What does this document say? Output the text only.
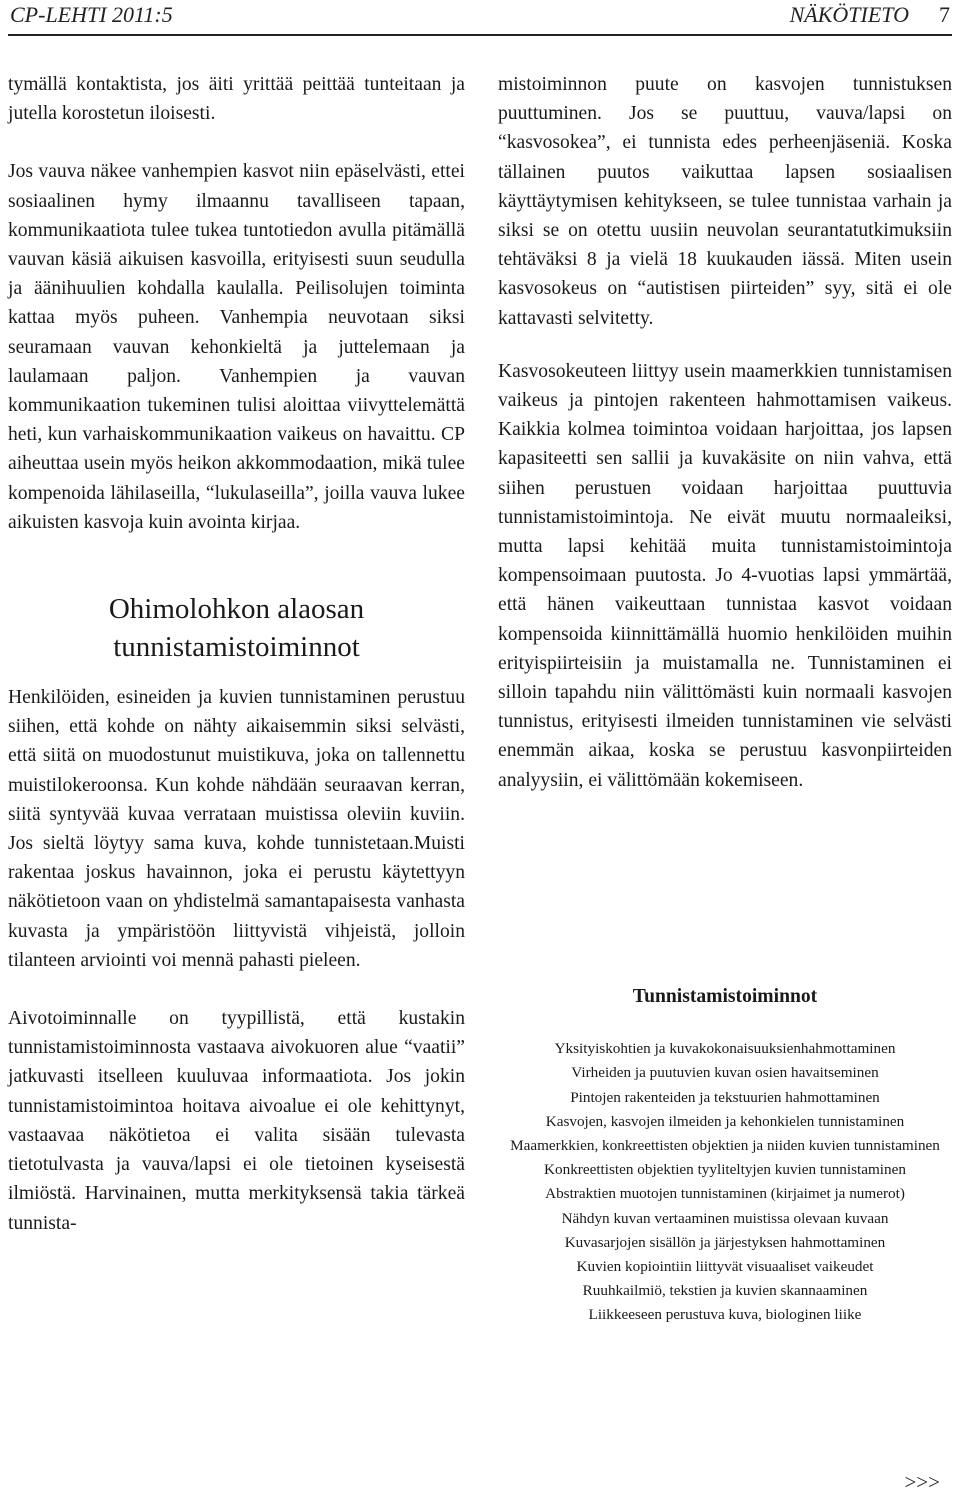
CP-LEHTI 2011:5	NÄKÖTIETO 7

tymällä kontaktista, jos äiti yrittää peittää tunteitaan ja jutella korostetun iloisesti.

Jos vauva näkee vanhempien kasvot niin epäselvästi, ettei sosiaalinen hymy ilmaannu tavalliseen tapaan, kommunikaatiota tulee tukea tuntotiedon avulla pitämällä vauvan käsiä aikuisen kasvoilla, erityisesti suun seudulla ja äänihuulien kohdalla kaulalla. Peilisolujen toiminta kattaa myös puheen. Vanhempia neuvotaan siksi seuramaan vauvan kehonkieltä ja juttelemaan ja laulamaan paljon. Vanhempien ja vauvan kommunikaation tukeminen tulisi aloittaa viivyttelemättä heti, kun varhaiskommunikaation vaikeus on havaittu. CP aiheuttaa usein myös heikon akkommodaation, mikä tulee kompenoida lähilaseilla, “lukulaseilla”, joilla vauva lukee aikuisten kasvoja kuin avointa kirjaa.

Ohimolohkon alaosan tunnistamistoiminnot

Henkilöiden, esineiden ja kuvien tunnistaminen perustuu siihen, että kohde on nähty aikaisemmin siksi selvästi, että siitä on muodostunut muistikuva, joka on tallennettu muistilokeroonsa. Kun kohde nähdään seuraavan kerran, siitä syntyvää kuvaa verrataan muistissa oleviin kuviin. Jos sieltä löytyy sama kuva, kohde tunnistetaan.Muisti rakentaa joskus havainnon, joka ei perustu käytettyyn näkötietoon vaan on yhdistelmä samantapaisesta vanhasta kuvasta ja ympäristöön liittyvistä vihjeistä, jolloin tilanteen arviointi voi mennä pahasti pieleen.

Aivotoiminnalle on tyypillistä, että kustakin tunnistamistoiminnosta vastaava aivokuoren alue “vaatii” jatkuvasti itselleen kuuluvaa informaatiota. Jos jokin tunnistamistoimintoa hoitava aivoalue ei ole kehittynyt, vastaavaa näkötietoa ei valita sisään tulevasta tietotulvasta ja vauva/lapsi ei ole tietoinen kyseisestä ilmiöstä. Harvinainen, mutta merkityksensä takia tärkeä tunnista-

mistoiminnon puute on kasvojen tunnistuksen puuttuminen. Jos se puuttuu, vauva/lapsi on “kasvosokea”, ei tunnista edes perheenjäseniä. Koska tällainen puutos vaikuttaa lapsen sosiaalisen käyttäytymisen kehitykseen, se tulee tunnistaa varhain ja siksi se on otettu uusiin neuvolan seurantatutkimuksiin tehtäväksi 8 ja vielä 18 kuukauden iässä. Miten usein kasvosokeus on “autistisen piirteiden” syy, sitä ei ole kattavasti selvitetty.

Kasvosokeuteen liittyy usein maamerkkien tunnistamisen vaikeus ja pintojen rakenteen hahmottamisen vaikeus. Kaikkia kolmea toimintoa voidaan harjoittaa, jos lapsen kapasiteetti sen sallii ja kuvakäsite on niin vahva, että siihen perustuen voidaan harjoittaa puuttuvia tunnistamistoimintoja. Ne eivät muutu normaaleiksi, mutta lapsi kehitää muita tunnistamistoimintoja kompensoimaan puutosta. Jo 4-vuotias lapsi ymmärtää, että hänen vaikeuttaan tunnistaa kasvot voidaan kompensoida kiinnittämällä huomio henkilöiden muihin erityispiirteisiin ja muistamalla ne. Tunnistaminen ei silloin tapahdu niin välittömästi kuin normaali kasvojen tunnistus, erityisesti ilmeiden tunnistaminen vie selvästi enemmän aikaa, koska se perustuu kasvonpiirteiden analyysiin, ei välittömään kokemiseen.

Tunnistamistoiminnot

Yksityiskohtien ja kuvakokonaisuuksienhahmottaminen

Virheiden ja puutuvien kuvan osien havaitseminen

Pintojen rakenteiden ja tekstuurien hahmottaminen

Kasvojen, kasvojen ilmeiden ja kehonkielen tunnistaminen

Maamerkkien, konkreettisten objektien ja niiden kuvien tunnistaminen

Konkreettisten objektien tyyliteltyjen kuvien tunnistaminen

Abstraktien muotojen tunnistaminen (kirjaimet ja numerot)

Nähdyn kuvan vertaaminen muistissa olevaan kuvaan

Kuvasarjojen sisällön ja järjestyksen hahmottaminen

Kuvien kopiointiin liittyvät visuaaliset vaikeudet

Ruuhkailmiö, tekstien ja kuvien skannaaminen

Liikkeeseen perustuva kuva, biologinen liike

>>>
